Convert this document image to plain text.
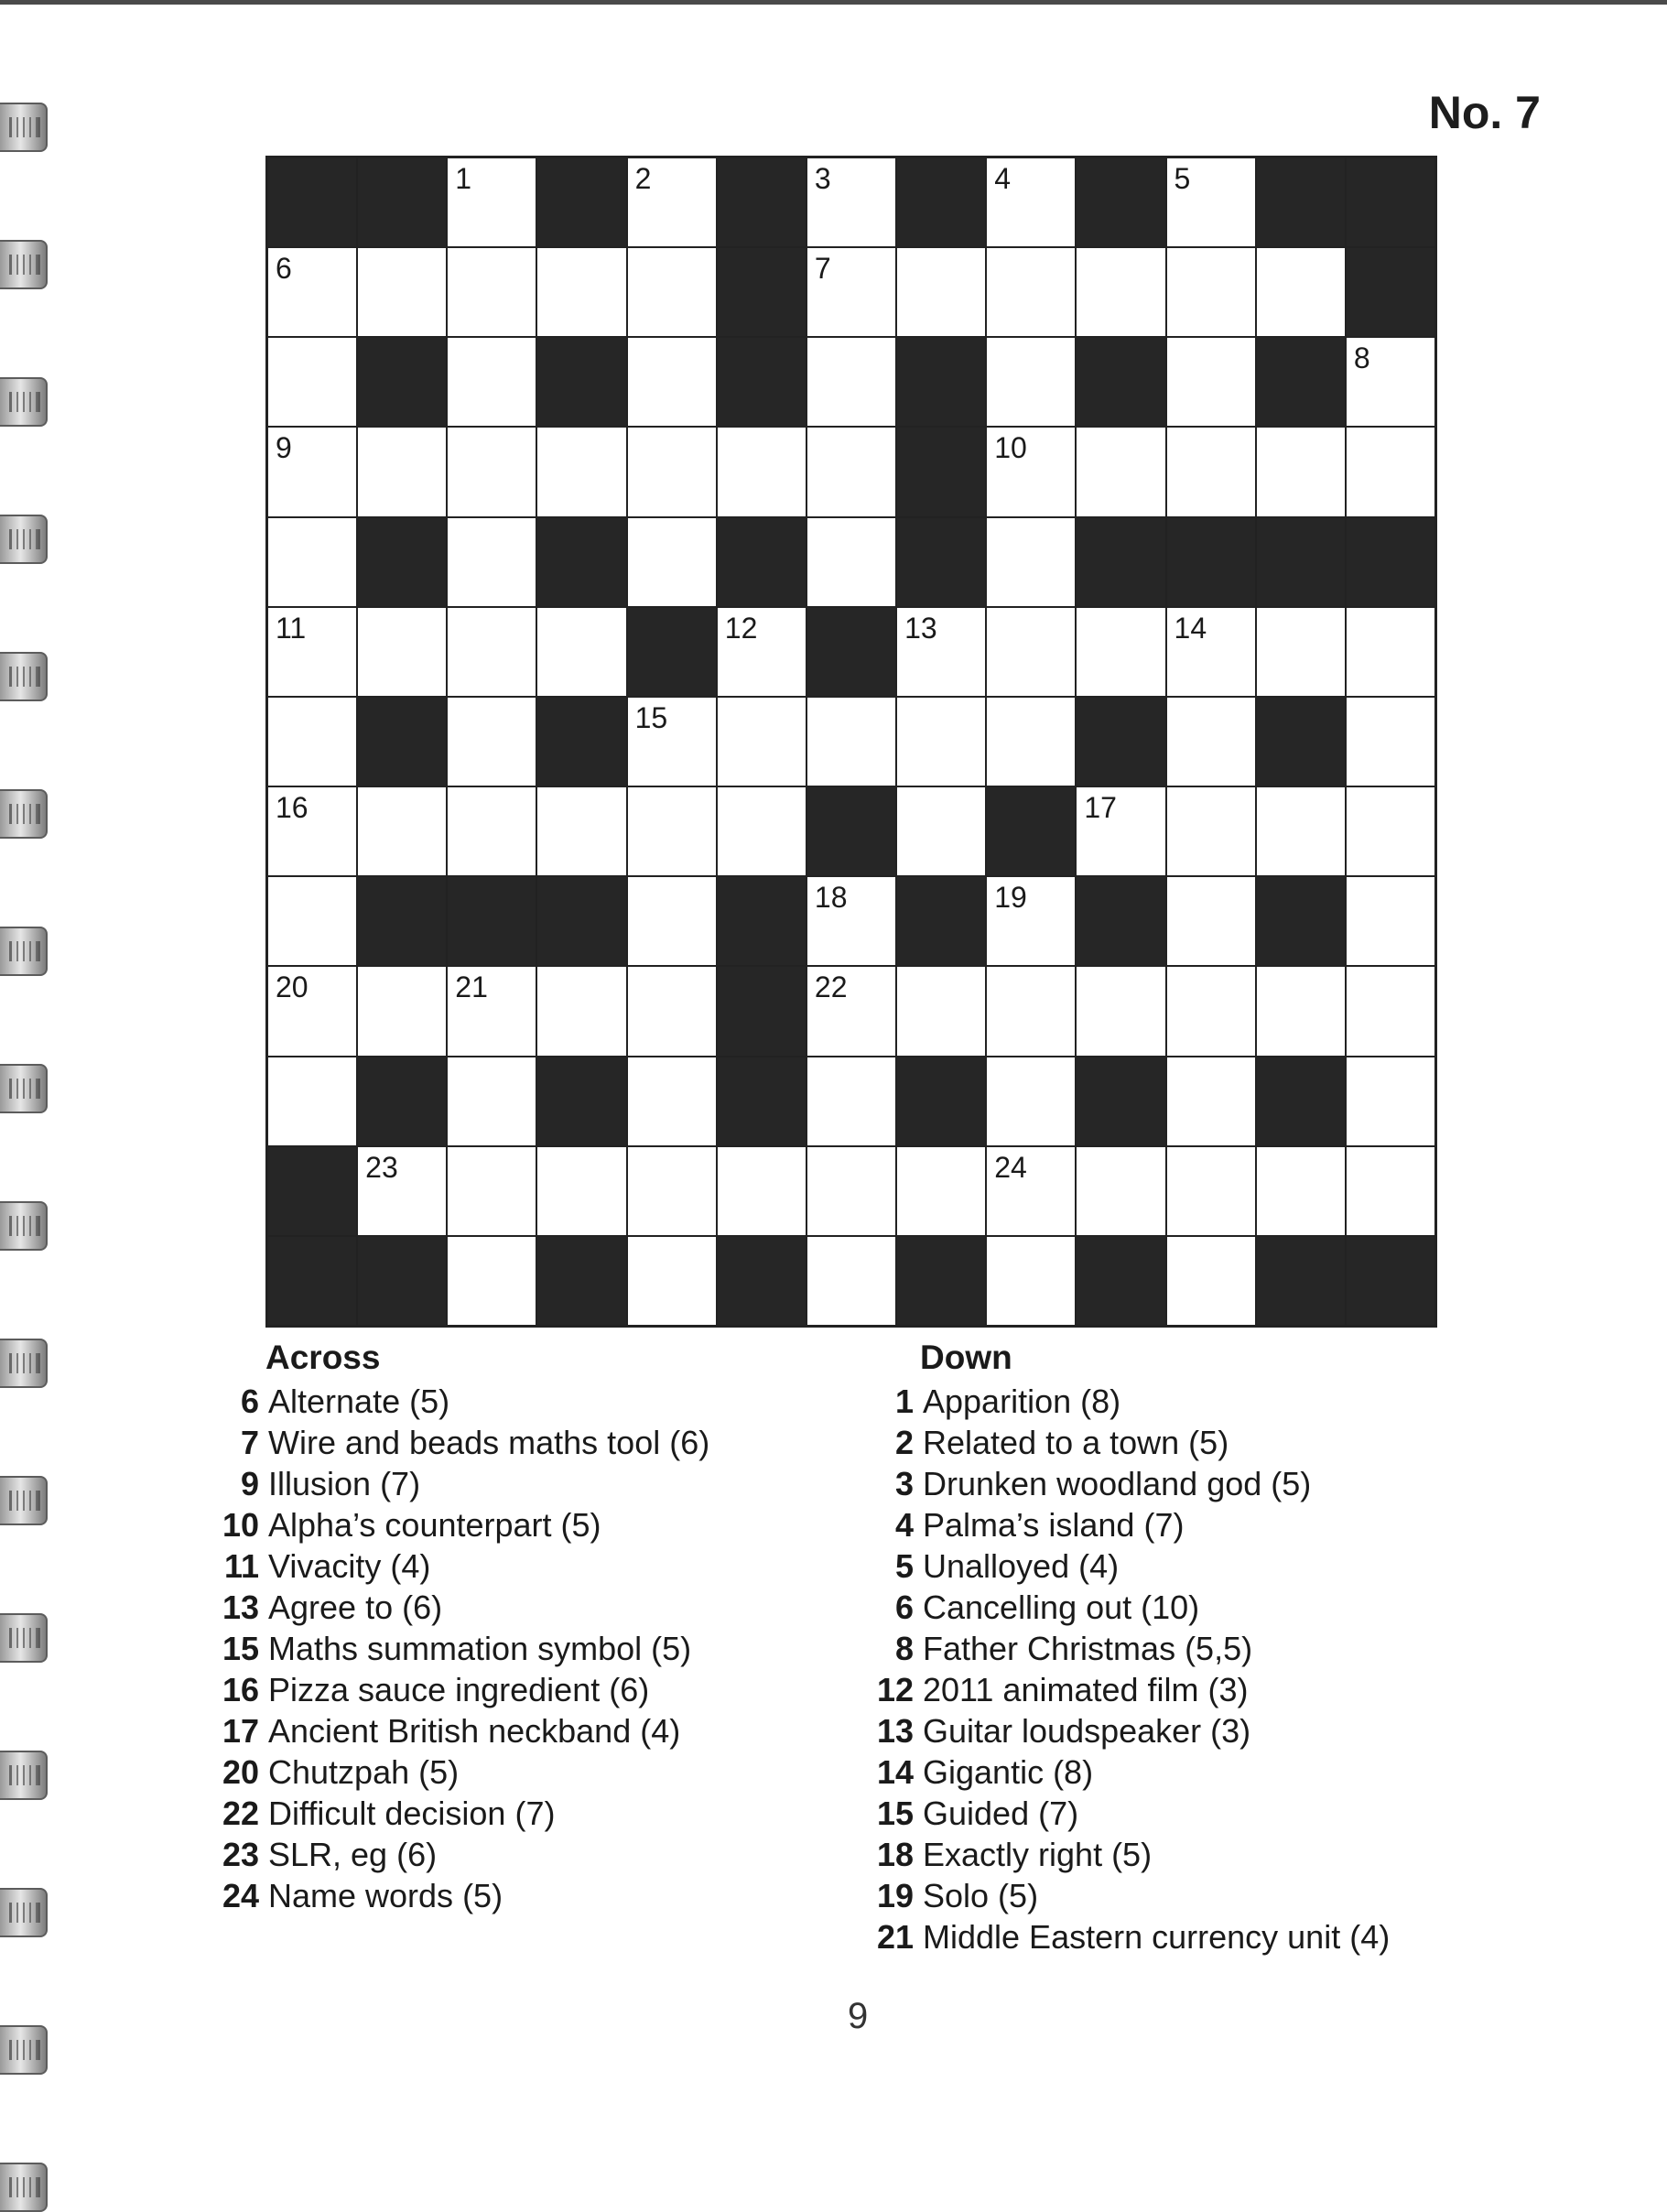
No. 7
1	2	3	4	5
6	7
8
9	10
11	12	13	14
15
16	17
18	19
20	21	22
23	24
Across
6 Alternate (5)
7 Wire and beads maths tool (6)
9 Illusion (7)
10 Alpha’s counterpart (5)
11 Vivacity (4)
13 Agree to (6)
15 Maths summation symbol (5)
16 Pizza sauce ingredient (6)
17 Ancient British neckband (4)
20 Chutzpah (5)
22 Difficult decision (7)
23 SLR, eg (6)
24 Name words (5)
Down
1 Apparition (8)
2 Related to a town (5)
3 Drunken woodland god (5)
4 Palma’s island (7)
5 Unalloyed (4)
6 Cancelling out (10)
8 Father Christmas (5,5)
12 2011 animated film (3)
13 Guitar loudspeaker (3)
14 Gigantic (8)
15 Guided (7)
18 Exactly right (5)
19 Solo (5)
21 Middle Eastern currency unit (4)
9
